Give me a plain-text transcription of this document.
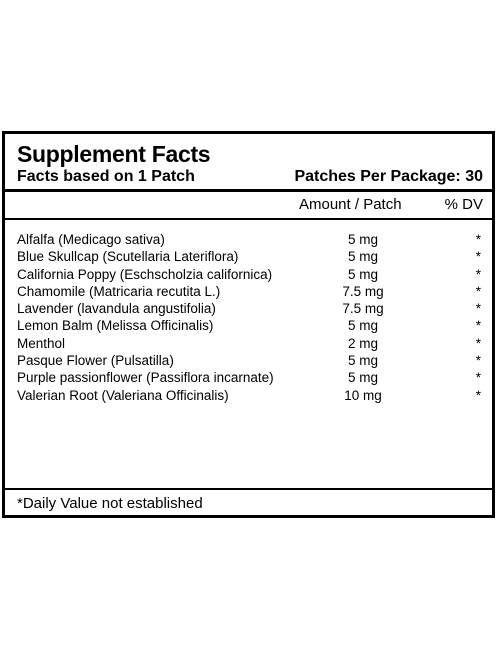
Supplement Facts
Facts based on 1 Patch	Patches Per Package: 30
Amount / Patch	% DV
Alfalfa (Medicago sativa)	5 mg	*
Blue Skullcap (Scutellaria Lateriflora)	5 mg	*
California Poppy (Eschscholzia californica)	5 mg	*
Chamomile (Matricaria recutita L.)	7.5 mg	*
Lavender (lavandula angustifolia)	7.5 mg	*
Lemon Balm (Melissa Officinalis)	5 mg	*
Menthol	2 mg	*
Pasque Flower (Pulsatilla)	5 mg	*
Purple passionflower (Passiflora incarnate)	5 mg	*
Valerian Root (Valeriana Officinalis)	10 mg	*
*Daily Value not established
